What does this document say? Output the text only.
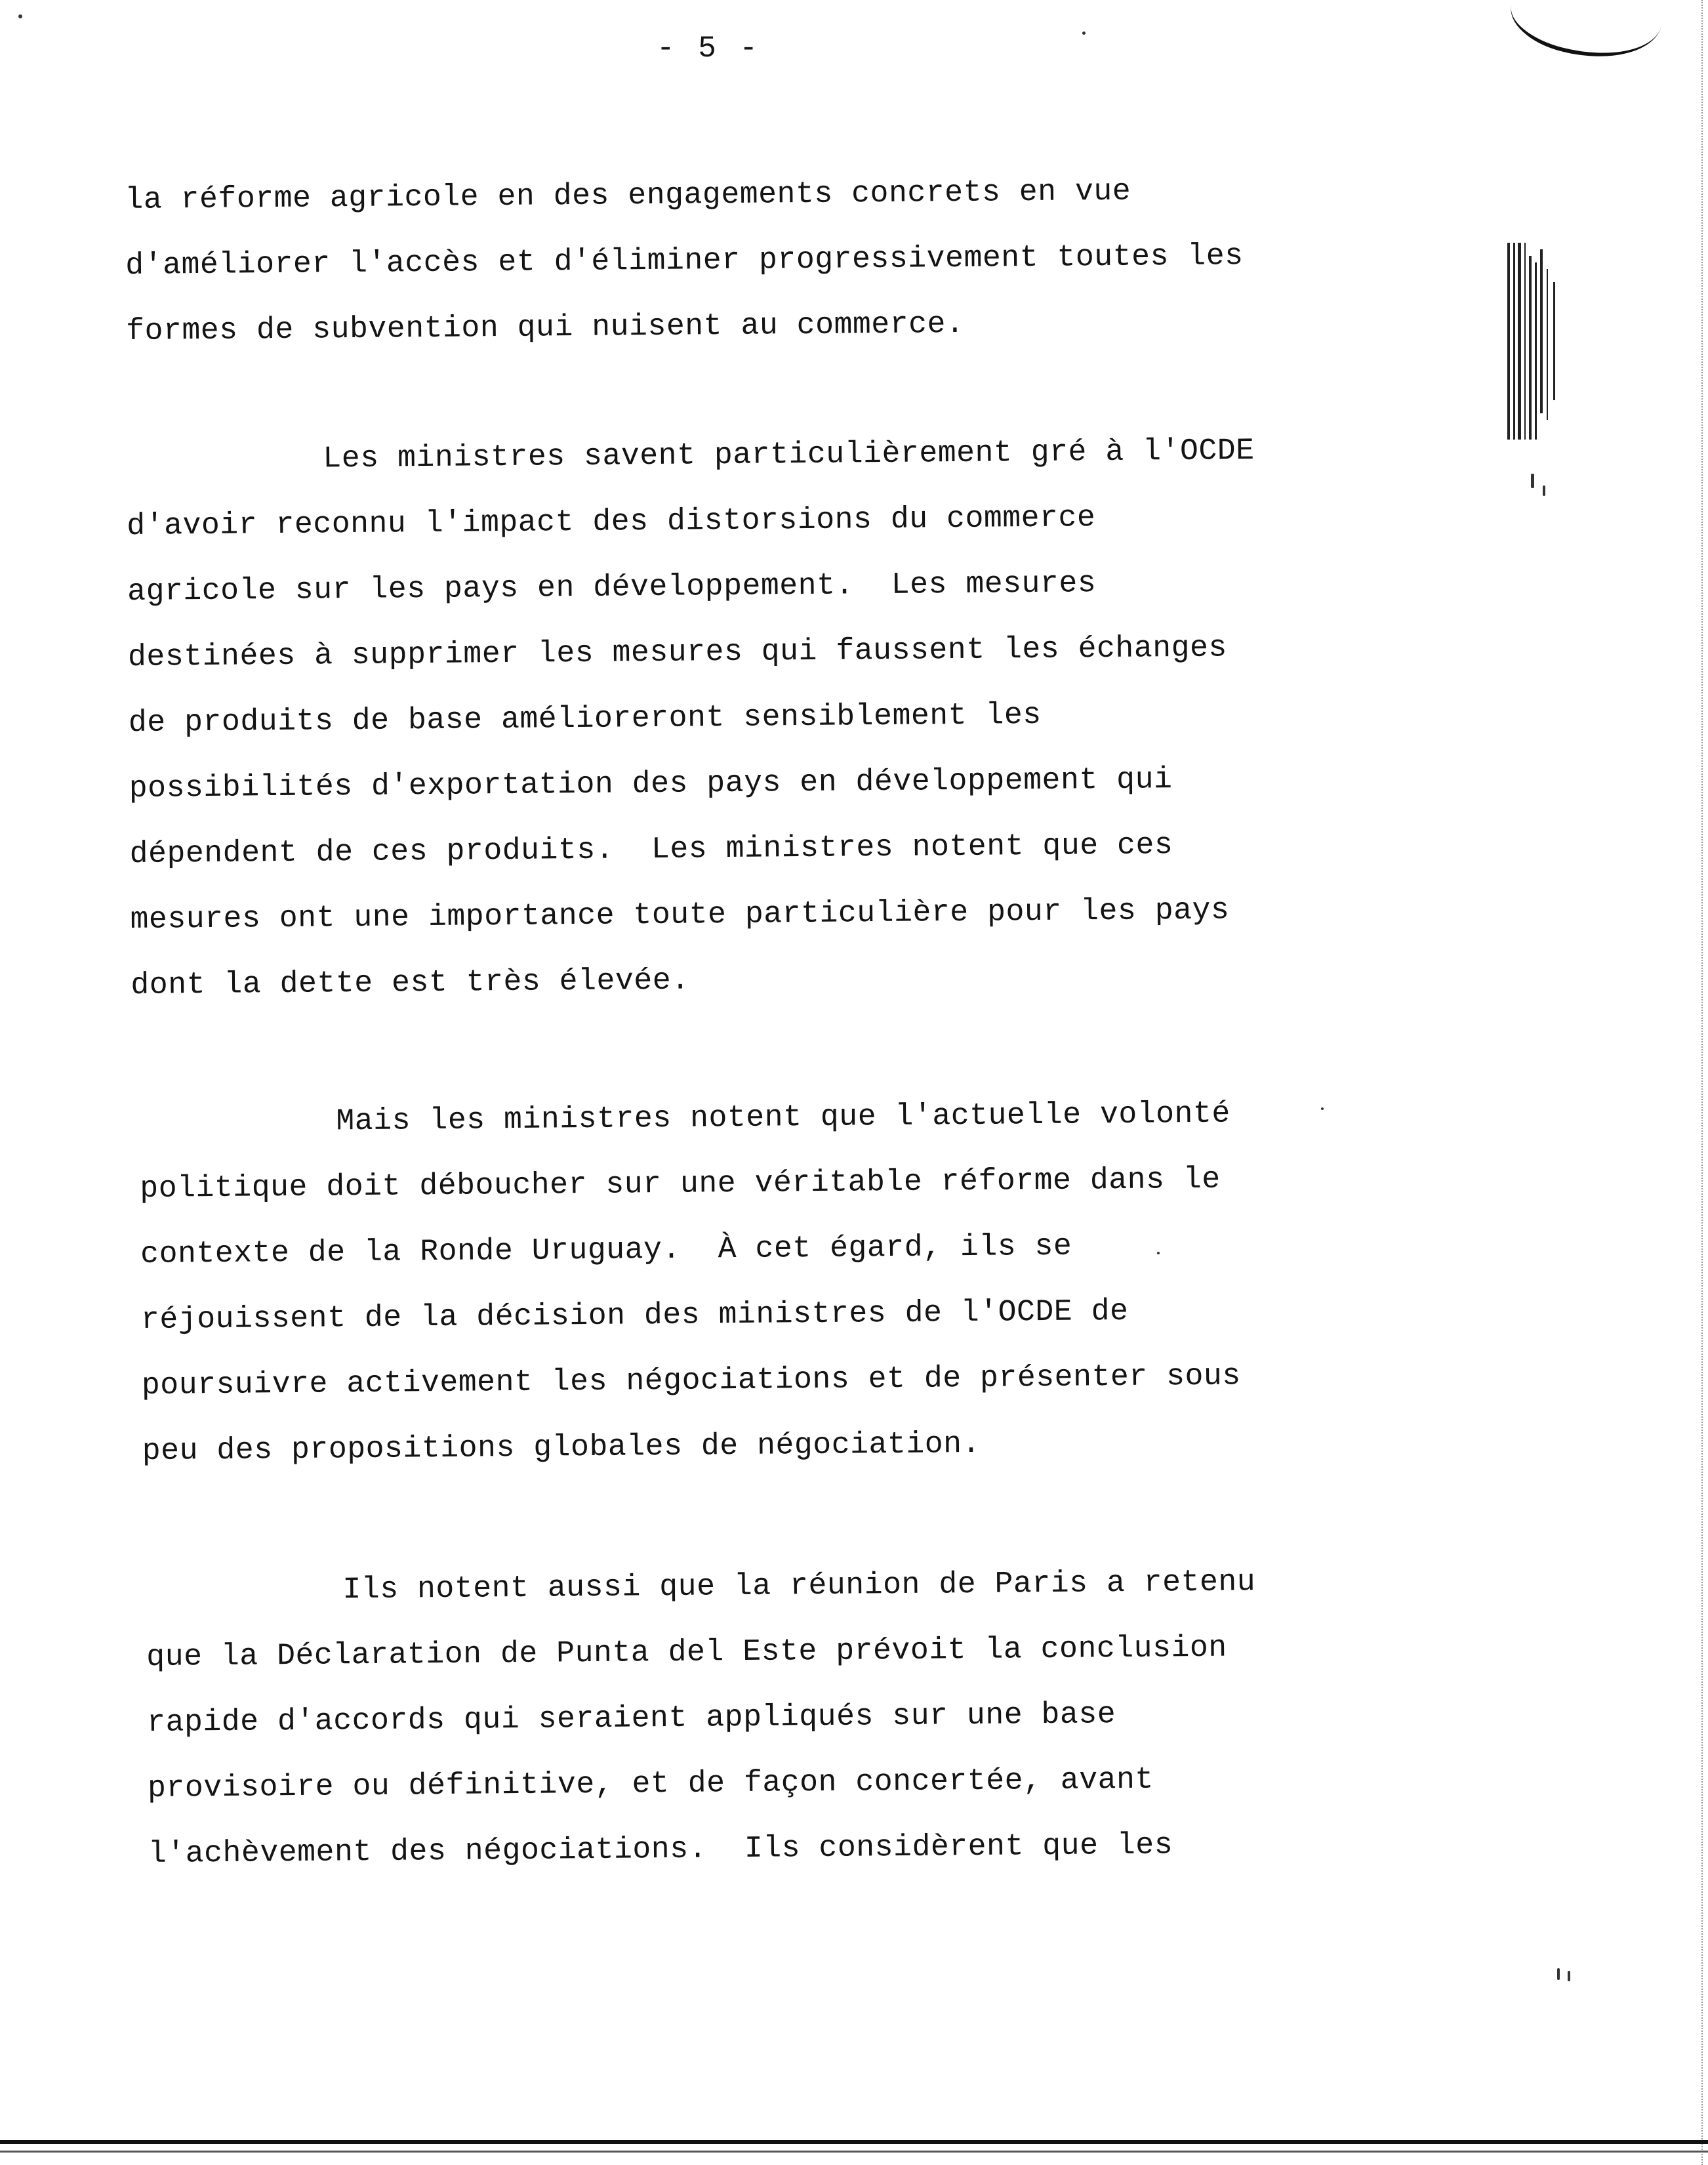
- 5 -
la réforme agricole en des engagements concrets en vue
d'améliorer l'accès et d'éliminer progressivement toutes les
formes de subvention qui nuisent au commerce.
Les ministres savent particulièrement gré à l'OCDE
d'avoir reconnu l'impact des distorsions du commerce
agricole sur les pays en développement.  Les mesures
destinées à supprimer les mesures qui faussent les échanges
de produits de base amélioreront sensiblement les
possibilités d'exportation des pays en développement qui
dépendent de ces produits.  Les ministres notent que ces
mesures ont une importance toute particulière pour les pays
dont la dette est très élevée.
Mais les ministres notent que l'actuelle volonté
politique doit déboucher sur une véritable réforme dans le
contexte de la Ronde Uruguay.  À cet égard, ils se
réjouissent de la décision des ministres de l'OCDE de
poursuivre activement les négociations et de présenter sous
peu des propositions globales de négociation.
Ils notent aussi que la réunion de Paris a retenu
que la Déclaration de Punta del Este prévoit la conclusion
rapide d'accords qui seraient appliqués sur une base
provisoire ou définitive, et de façon concertée, avant
l'achèvement des négociations.  Ils considèrent que les
